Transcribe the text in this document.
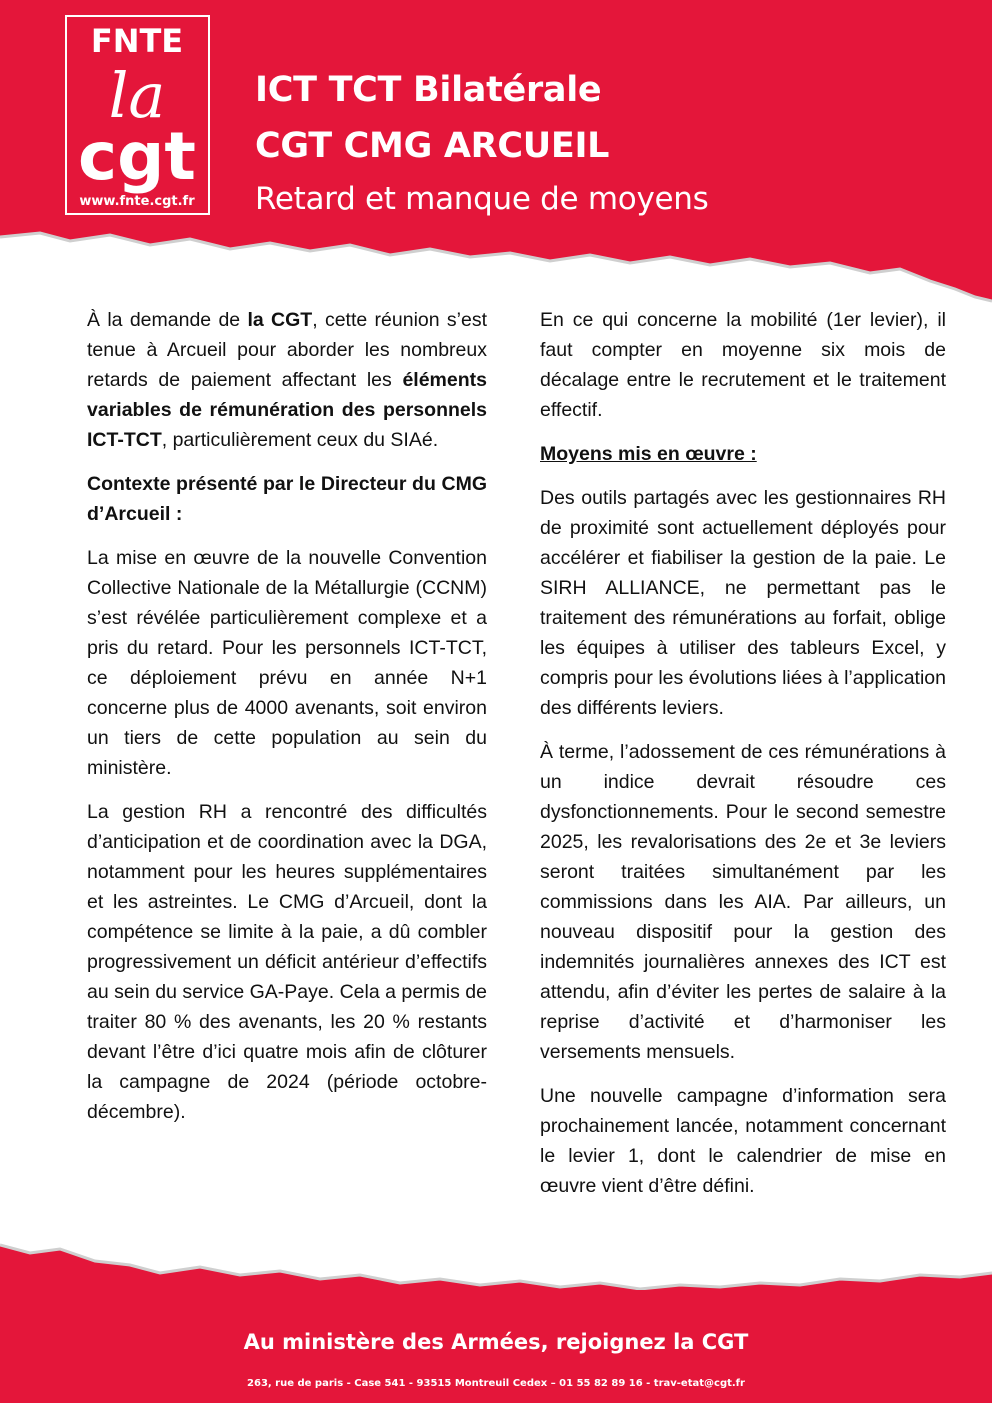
FNTE
la
cgt
www.fnte.cgt.fr
ICT TCT Bilatérale
CGT CMG ARCUEIL
Retard et manque de moyens

À la demande de la CGT, cette réunion s’est tenue à Arcueil pour aborder les nombreux retards de paiement affectant les éléments variables de rémunération des personnels ICT-TCT, particulièrement ceux du SIAé.

Contexte présenté par le Directeur du CMG d’Arcueil :

La mise en œuvre de la nouvelle Convention Collective Nationale de la Métallurgie (CCNM) s’est révélée particulièrement complexe et a pris du retard. Pour les personnels ICT-TCT, ce déploiement prévu en année N+1 concerne plus de 4000 avenants, soit environ un tiers de cette population au sein du ministère.

La gestion RH a rencontré des difficultés d’anticipation et de coordination avec la DGA, notamment pour les heures supplémentaires et les astreintes. Le CMG d’Arcueil, dont la compétence se limite à la paie, a dû combler progressivement un déficit antérieur d’effectifs au sein du service GA-Paye. Cela a permis de traiter 80 % des avenants, les 20 % restants devant l’être d’ici quatre mois afin de clôturer la campagne de 2024 (période octobre-décembre).

En ce qui concerne la mobilité (1er levier), il faut compter en moyenne six mois de décalage entre le recrutement et le traitement effectif.

Moyens mis en œuvre :

Des outils partagés avec les gestionnaires RH de proximité sont actuellement déployés pour accélérer et fiabiliser la gestion de la paie. Le SIRH ALLIANCE, ne permettant pas le traitement des rémunérations au forfait, oblige les équipes à utiliser des tableurs Excel, y compris pour les évolutions liées à l’application des différents leviers.

À terme, l’adossement de ces rémunérations à un indice devrait résoudre ces dysfonctionnements. Pour le second semestre 2025, les revalorisations des 2e et 3e leviers seront traitées simultanément par les commissions dans les AIA. Par ailleurs, un nouveau dispositif pour la gestion des indemnités journalières annexes des ICT est attendu, afin d’éviter les pertes de salaire à la reprise d’activité et d’harmoniser les versements mensuels.

Une nouvelle campagne d’information sera prochainement lancée, notamment concernant le levier 1, dont le calendrier de mise en œuvre vient d’être défini.

Au ministère des Armées, rejoignez la CGT
263, rue de paris - Case 541 - 93515 Montreuil Cedex – 01 55 82 89 16 - trav-etat@cgt.fr
